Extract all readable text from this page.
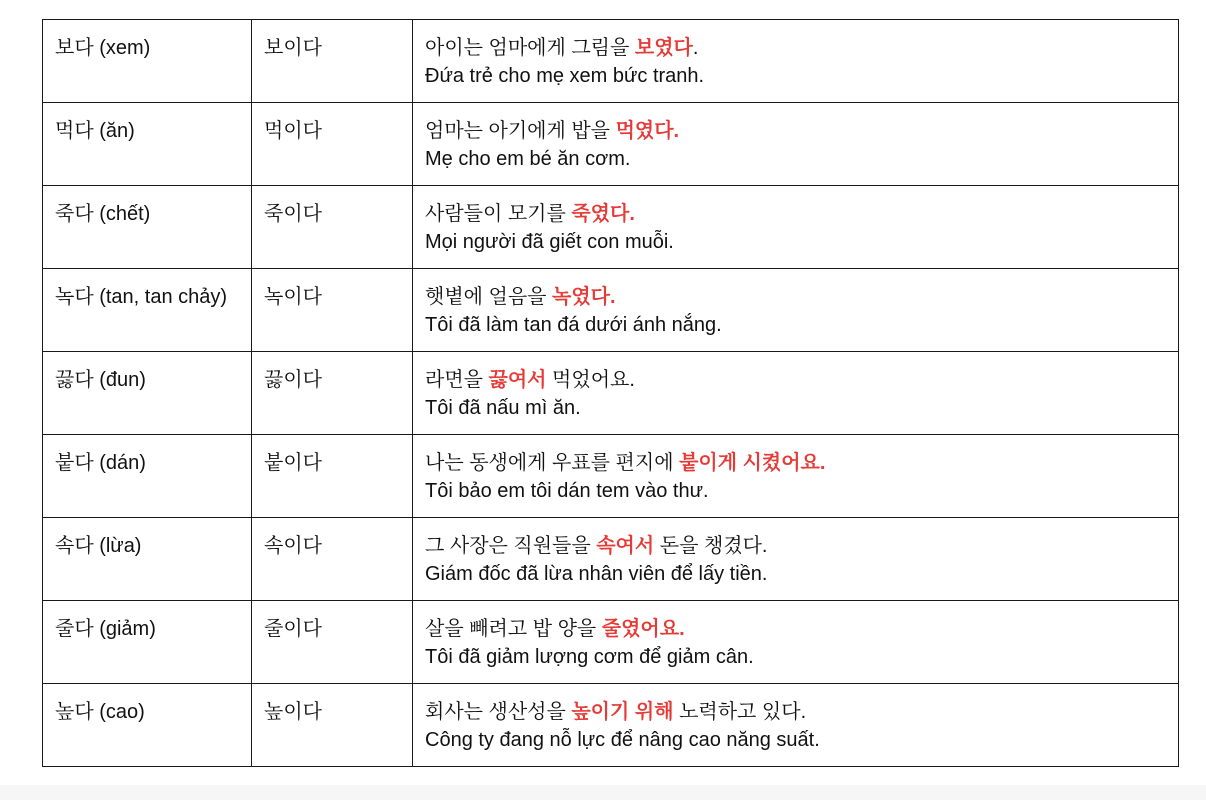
보다 (xem)	보이다	아이는 엄마에게 그림을 보였다.
Đứa trẻ cho mẹ xem bức tranh.

먹다 (ăn)	먹이다	엄마는 아기에게 밥을 먹였다.
Mẹ cho em bé ăn cơm.

죽다 (chết)	죽이다	사람들이 모기를 죽였다.
Mọi người đã giết con muỗi.

녹다 (tan, tan chảy)	녹이다	햇볕에 얼음을 녹였다.
Tôi đã làm tan đá dưới ánh nắng.

끓다 (đun)	끓이다	라면을 끓여서 먹었어요.
Tôi đã nấu mì ăn.

붙다 (dán)	붙이다	나는 동생에게 우표를 편지에 붙이게 시켰어요.
Tôi bảo em tôi dán tem vào thư.

속다 (lừa)	속이다	그 사장은 직원들을 속여서 돈을 챙겼다.
Giám đốc đã lừa nhân viên để lấy tiền.

줄다 (giảm)	줄이다	살을 빼려고 밥 양을 줄였어요.
Tôi đã giảm lượng cơm để giảm cân.

높다 (cao)	높이다	회사는 생산성을 높이기 위해 노력하고 있다.
Công ty đang nỗ lực để nâng cao năng suất.
